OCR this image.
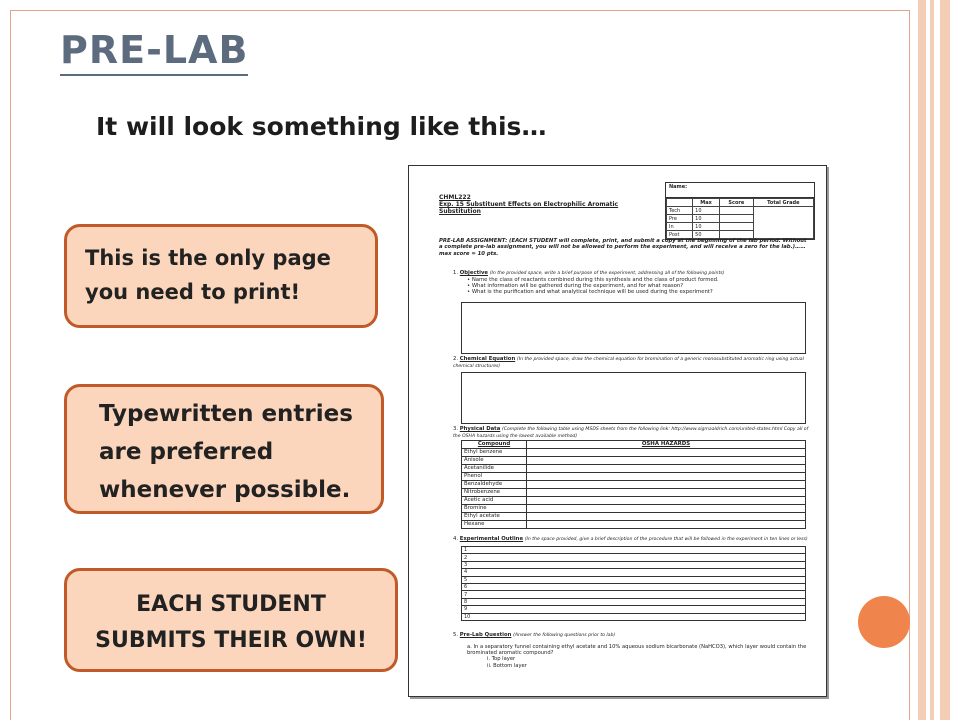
PRE-LAB
It will look something like this…
This is the only page
you need to print!
Typewritten entries
are preferred
whenever possible.
EACH STUDENT
SUBMITS THEIR OWN!
CHML222
Exp. 15 Substituent Effects on Electrophilic Aromatic Substitution
Name:
	Max	Score	Total Grade
Tech	10		
Pre	10		
In	10		
Post	50		
PRE-LAB ASSIGNMENT: (EACH STUDENT will complete, print, and submit a copy at the beginning of the lab period. Without a complete pre-lab assignment, you will not be allowed to perform the experiment, and will receive a zero for the lab.)……max score = 10 pts.
1. Objective (In the provided space, write a brief purpose of the experiment, addressing all of the following points)
• Name the class of reactants combined during this synthesis and the class of product formed.
• What information will be gathered during the experiment, and for what reason?
• What is the purification and what analytical technique will be used during the experiment?
2. Chemical Equation (In the provided space, draw the chemical equation for bromination of a generic monosubstituted aromatic ring using actual chemical structures)
3. Physical Data (Complete the following table using MSDS sheets from the following link: http://www.sigmaaldrich.com/united-states.html Copy all of the OSHA hazards using the lowest available method)
Compound	OSHA HAZARDS
Ethyl benzene	
Anisole	
Acetanilide	
Phenol	
Benzaldehyde	
Nitrobenzene	
Acetic acid	
Bromine	
Ethyl acetate	
Hexane	
4. Experimental Outline (In the space provided, give a brief description of the procedure that will be followed in the experiment in ten lines or less)
1
2
3
4
5
6
7
8
9
10
5. Pre-Lab Question (Answer the following questions prior to lab)
a. In a separatory funnel containing ethyl acetate and 10% aqueous sodium bicarbonate (NaHCO3), which layer would contain the brominated aromatic compound?
i. Top layer
ii. Bottom layer
